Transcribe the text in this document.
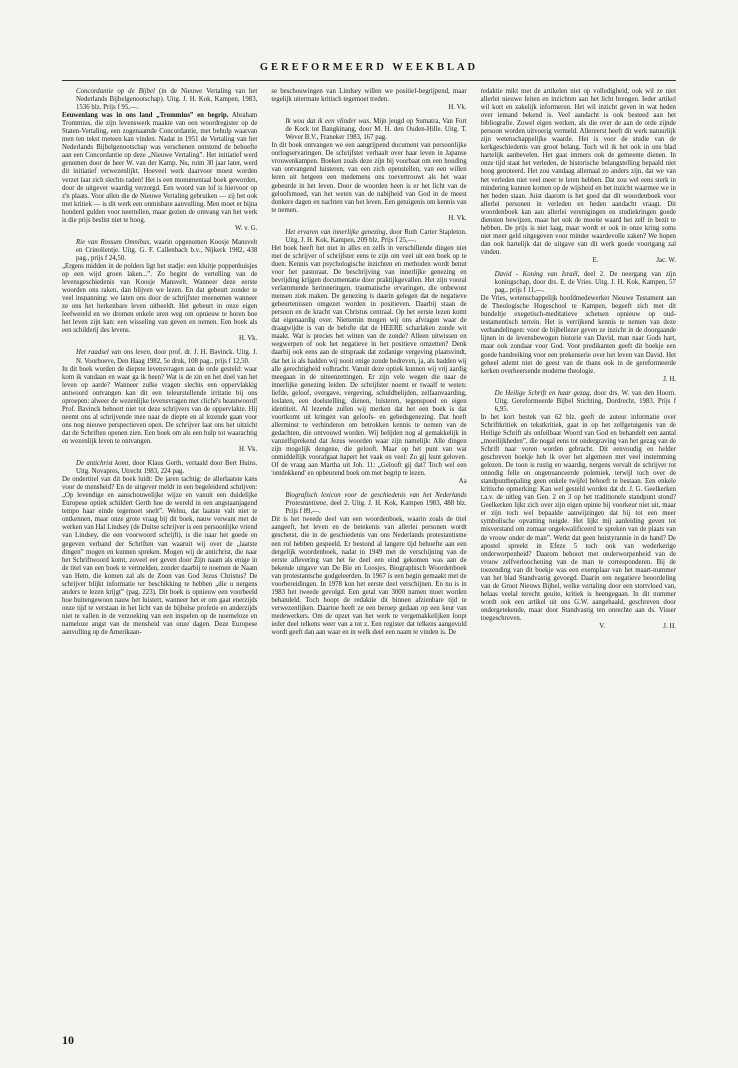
GEREFORMEERD WEEKBLAD
Concordantie op de Bijbel (in de Nieuwe Vertaling van het Nederlands Bijbelgenootschap). Uitg. J. H. Kok, Kampen, 1983, 1536 blz. Prijs f 95,—.
Eeuwenlang was in ons land „Trommius” en begrip. Abraham Trommius, die zijn levenswerk maakte van een woordregister op de Staten-Vertaling, een zogenaamde Concordantie, met behulp waarvan men ten tekst meteen kan vinden. Nadat in 1951 de Vertaling van het Nederlands Bijbelgenootschap was verschenen ontstond de behoefte aan een Concordantie op deze „Nieuwe Vertaling”. Het initiatief werd genomen door de heer W. van der Kamp. Nu, ruim 30 jaar later, werd dit initiatief verwezenlijkt. Hoeveel werk daarvoor moest worden verzet laat zich slechts raden! Het is een monumentaal boek geworden, door de uitgever waardig verzorgd. Een woord van lof is hiervoor op z'n plaats. Voor allen die de Nieuwe Vertaling gebruiken — zij het ook met kritiek — is dit werk een onmisbare aanvulling. Men moet er bijna honderd gulden voor neertellen, maar gezien de omvang van het werk is die prijs beslist niet te hoog.
W. v. G.
Rie van Rossum Omnibus, waarin opgenomen Koosje Mansvelt en Crinolientje. Uitg. G. F. Callenbach b.v., Nijkerk 1982, 438 pag., prijs f 24,50.
„Ergens midden in de polders ligt het stadje: een kluitje poppenhuisjes op een wijd groen laken...”. Zo begint de vertelling van de levensgeschiedenis van Koosje Mansvelt. Wanneer deze eerste woorden ons raken, dan blijven we lezen. En dat gebeurt zonder te veel inspanning: we laten ons door de schrijfster meenemen wanneer ze ons het herkenbare leven uitbeeldt. Het gebeurt in onze eigen leefwereld en we dromen enkele uren weg om opnieuw te horen hoe het leven zijn kan: een wisseling van geven en nemen. Een boek als een schilderij des levens.
H. Vk.
Het raadsel van ons leven, door prof. dr. J. H. Bavinck. Uitg. J. N. Voorhoeve, Den Haag 1982, 5e druk, 108 pag., prijs f 12,50.
In dit boek worden de diepste levensvragen aan de orde gesteld: waar kom ik vandaan en waar ga ik heen? Wat is de zin en het doel van het leven op aarde? Wanneer zulke vragen slechts een oppervlakkig antwoord ontvangen kan dit een teleurstellende irritatie bij ons oproepen: alweer de wezenlijke levensvragen met cliché's beantwoord! Prof. Bavinck behoort niet tot deze schrijvers van de oppervlakte. Hij neemt ons al schrijvende mee naar de diepte en al lezende gaan voor ons nog nieuwe perspectieven open. De schrijver laat ons het uitzicht dat de Schriften openen zien. Een boek om als een hulp tot waarachtig en wezenlijk leven te ontvangen.
H. Vk.
De antichrist komt, door Klaus Gerth, vertaald door Bert Huins. Uitg. Novapres, Utrecht 1983, 224 pag.
De ondertitel van dit boek luidt: De jaren tachtig: de allerlaatste kans voor de mensheid? En de uitgever meldt in een begeleidend schrijven: „Op levendige en aanschouwelijke wijze en vanuit een duidelijke Europese optiek schildert Gerth hoe de wereld in een angstaanjagend tempo haar einde tegemoet snelt”. Welnu, dat laatste valt niet te ontkennen, maar onze grote vraag bij dit boek, nauw verwant met de werken van Hal Lindsey (de Duitse schrijver is een persoonlijke vriend van Lindsey, die een voorwoord schrijft), is die naar het goede en gegeven verband der Schriften van waaruit wij over de „laatste dingen” mogen en kunnen spreken. Mogen wij de antichrist, die naar het Schriftwoord komt, zoveel eer geven door Zijn naam als enige in de titel van een boek te vermelden, zonder daarbij te noemen de Naam van Hem, die komen zal als de Zoon van God Jezus Christus? De schrijver blijkt informatie ter beschikking te hebben „die u nergens anders te lezen krijgt” (pag. 223). Dit boek is opnieuw een voorbeeld hoe buitengewoon nauw het luistert, wanneer het er om gaat enerzijds onze tijd te verstaan in het licht van de bijbelse profetie en anderzijds niet te vallen in de verzoeking van een inspelen op de noemeloze en nameloze angst van de mensheid van onze dagen. Deze Europese aanvulling op de Amerikaan-
se beschouwingen van Lindsey willen we positief-begrijpend, maar tegelijk uitermate kritisch tegemoet treden.
H. Vk.
Ik wou dat ik een vlinder was, Mijn jeugd op Sumatra, Van Fort de Kock tot Bangkinang, door M. H. den Ouden-Hille. Uitg. T. Wever B.V., Franeker 1983, 167 pag.
In dit boek ontvangen we een aangrijpend document van persoonlijke oorlogservaringen. De schrijfster verhaalt over haar leven in Japanse vrouwenkampen. Boeken zoals deze zijn bij voorbaat om een houding van ontvangend luisteren, van een zich openstellen, van een willen leren uit hetgeen een medemens ons toevertrouwt als het waar gebeurde in het leven. Door de woorden heen is er het licht van de geloofsmoed, van het weten van de nabijheid van God in de meest donkere dagen en nachten van het leven. Een getuigenis om kennis van te nemen.
H. Vk.
Het ervaren van innerlijke genezing, door Ruth Carter Stapleton. Uitg. J. H. Kok, Kampen, 209 blz. Prijs f 25,—.
Het boek heeft het niet in alles en zelfs in verschillende dingen niet met de schrijver of schrijfster eens te zijn om veel uit een boek op te doen. Kennis van psychologische inzichten en methoden wordt benut voor het pastoraat. De beschrijving van innerlijke genezing en bevrijding krijgen documentatie door praktijkgevallen. Het zijn vooral verlammende herinneringen, traumatische ervaringen, die onbewust mensen ziek maken. De genezing is daarin gelegen dat de negatieve gebeurtenissen omgezet worden in positieven. Daarbij staan de persoon en de kracht van Christus centraal. Op het eerste lezen komt dat eigenaardig over. Niettemin mogen wij ons afvragen waar de draagwijdte is van de belofte dat de HEERE scharlaken zonde wit maakt. Wat is precies het witten van de zonde? Alleen uitwissen en wegwerpen of ook het negatieve in het positieve omzetten? Denk daarbij ook eens aan de uitspraak dat zodanige vergeving plaatsvindt, dat het is als hadden wij nooit enige zonde bedreven, ja, als hadden wij alle gerechtigheid volbracht. Vanuit deze optiek kunnen wij vrij aardig meegaan in de uiteenzettingen. Er zijn vele wegen die naar de innerlijke genezing leiden. De schrijfster noemt er twaalf te weten: liefde, geloof, overgave, vergeving, schuldbelijden, zelfaanvaarding, loslaten, een doelstelling, dienen, luisteren, tegenspoed en eigen identiteit. Al lezende zullen wij merken dat het een boek is dat voortkomt uit kringen van geloofs- en gebedsgenezing. Dat hoeft allerminst te verhinderen om betrokken kennis te nemen van de gedachten, die ontvouwd worden. Wij belijden nog al gemakkelijk in vanzelfsprekend dat Jezus woorden waar zijn namelijk: Alle dingen zijn mogelijk dengene, die gelooft. Maar op het punt van wat onmiddellijk voorafgaat hapert het vaak en veel: Zo gij kunt geloven. Of de vraag aan Martha uit Joh. 11: „Gelooft gij dat? Toch wel een 'ontdekkend' en opbeurend boek om met begrip te lezen.
Aa
Biografisch lexicon voor de geschiedenis van het Nederlands Protestantisme, deel 2. Uitg. J. H. Kok, Kampen 1983, 488 blz. Prijs f 89,—.
Dit is het tweede deel van een woordenboek, waarin zoals de titel aangeeft, het leven en de betekenis van allerlei personen wordt geschetst, die in de geschiedenis van ons Nederlands protestantisme een rol hebben gespeeld. Er bestond al langere tijd behoefte aan een dergelijk woordenboek, nadat in 1949 met de verschijning van de eerste aflevering van het 6e deel een eind gekomen was aan de bekende uitgave van De Bie en Loosjes, Biographisch Woordenboek van protestantsche godgeleerden. In 1967 is een begin gemaakt met de voorbereidingen. In 1978 kon het eerste deel verschijnen. En nu is in 1983 het tweede gevolgd. Een getal van 3000 namen moet worden behandeld. Toch hoopt de redaktie dit binnen afzienbare tijd te verwezenlijken. Daartoe heeft ze een beroep gedaan op een keur van medewerkers. Om de opzet van het werk te vergemakkelijken loopt ieder deel telkens weer van a tot z. Een register dat telkens aangevuld wordt geeft dan aan waar en in welk deel een naam te vinden is. De
redaktie mikt met de artikelen niet op volledigheid, ook wil ze niet allerlei nieuwe feiten en inzichten aan het licht brengen. Ieder artikel wil kort en zakelijk informeren. Het wil inzicht geven in wat heden over iemand bekend is. Veel aandacht is ook besteed aan het bibliografie. Zowel eigen werken, als die over de aan de orde zijnde persoon worden uitvoerig vermeld. Allereerst heeft dit werk natuurlijk zijn wetenschappelijke waarde. Het is voor de studie van de kerkgeschiedenis van groot belang. Toch wil ik het ook in ons blad hartelijk aanbevelen. Het gaat immers ook de gemeente dienen. In onze tijd staat het verleden, de historische belangstelling bepaald niet hoog genoteerd. Het zou vandaag allemaal zo anders zijn, dat we van het verleden niet veel meer te leren hebben. Dat zou wel eens sterk in mindering kunnen komen op de wijsheid en het inzicht waarmee we in het heden staan. Juist daarom is het goed dat dit woordenboek voor allerlei personen in verleden en heden aandacht vraagt. Dit woordenboek kan aan allerlei verenigingen en studiekringen goede diensten bewijzen, maar het ook de moeite waard het zelf in bezit te hebben. De prijs is niet laag, maar wordt er ook in onze kring soms niet meer geld uitgegeven voor minder waardevolle zaken? We hopen dan ook hartelijk dat de uitgave van dit werk goede voortgang zal vinden.
E.                                  Jac. W.
David - Koning van Israël, deel 2. De neergang van zijn koningschap, door drs. E. de Vries. Uitg. J. H. Kok, Kampen, 57 pag., prijs f 11,—.
De Vries, wetenschappelijk hoofdmedewerker Nieuwe Testament aan de Theologische Hogeschool te Kampen, begeeft zich met dit bundeltje exegetisch-meditatieve schetsen opnieuw op oud-testamentisch terrein. Het is verrijkend kennis te nemen van deze verhandelingen: voor de bijbellezer geven ze inzicht in de doorgaande lijnen in de levensbewogen historie van David, man naar Gods hart, maar ook zondaar voor God. Voor predikanten geeft dit boekje een goede handreiking voor een prekenserie over het leven van David. Het geheel ademt niet de geest van de thans ook in de gereformeerde kerken overheersende moderne theologie.
J. H.
De Heilige Schrift en haar gezag, door drs. W. van den Hoorn. Uitg. Gereformeerde Bijbel Stichting, Dordrecht, 1983. Prijs f 6,95.
In het kort bestek van 62 blz. geeft de auteur informatie over Schriftkritiek en tekstkritiek, gaat in op het zelfgetuigenis van de Heilige Schrift als onfeilbaar Woord van God en behandelt een aantal „moeilijkheden”, die nogal eens tot ondergraving van het gezag van de Schrift naar voren worden gebracht. Dit eenvoudig en helder geschreven boekje heb ik over het algemeen met veel instemming gelezen. De toon is rustig en waardig, nergens vervalt de schrijver tot onnodig felle en ongenuanceerde polemiek, terwijl toch over de standpuntbepaling geen enkele twijfel behoeft te bestaan. Een enkele kritische opmerking: Kan wel gesteld worden dat dr. J. G. Geelkerken t.a.v. de uitleg van Gen. 2 en 3 op het traditionele standpunt stond? Geelkerken lijkt zich over zijn eigen opinie bij voorkeur niet uit, maar er zijn toch wel bepaalde aanwijzingen dat hij tot een meer symbolische opvatting neigde. Het lijkt mij aanleiding geven tot misverstand om zomaar ongekwalificeerd te spreken van de plaats van de vrouw onder de man”. Werkt dat geen huistyrannie in de hand? De apostel spreekt in Efeze 5 toch ook van wederkerige onderworpenheid? Daarom behoort met onderworpenheid van de vrouw zelfverloochening van de man te corresponderen. Bij de toezending van dit boekje was een exemplaar van het maart-nummer van het blad Standvastig gevoegd. Daarin een negatieve beoordeling van de Groot Nieuws Bijbel, welke vertaling door een stortvloed van, helaas veelal terecht geuite, kritiek is heengegaan. In dit nummer wordt ook een artikel uit ons G.W. aangehaald, geschreven door ondergetekende, maar door Standvastig ten onrechte aan ds. Visser toegeschreven.
V.                                  J. H.
10
